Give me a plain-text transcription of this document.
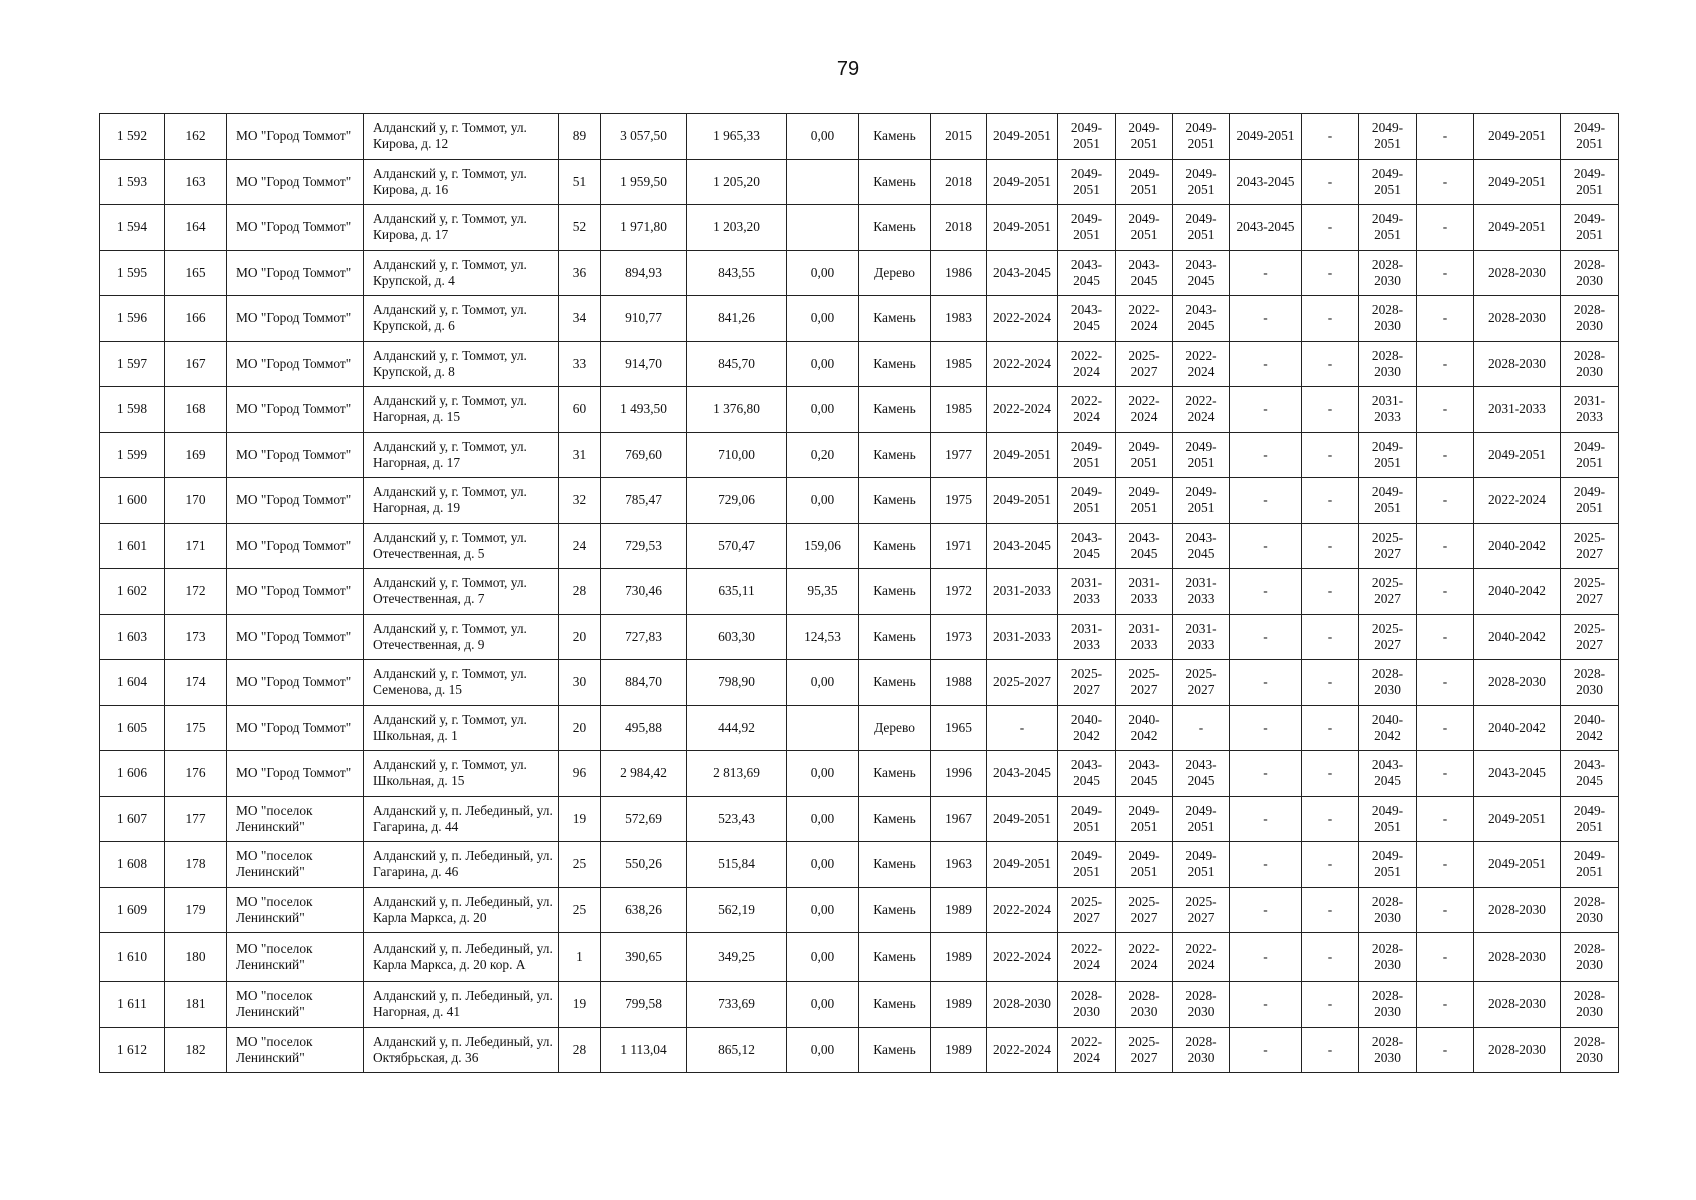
79
1 592	162	МО "Город Томмот"	Алданский у, г. Томмот, ул. Кирова, д. 12	89	3 057,50	1 965,33	0,00	Камень	2015	2049-2051	2049-2051	2049-2051	2049-2051	2049-2051	-	2049-2051	-	2049-2051	2049-2051
1 593	163	МО "Город Томмот"	Алданский у, г. Томмот, ул. Кирова, д. 16	51	1 959,50	1 205,20		Камень	2018	2049-2051	2049-2051	2049-2051	2049-2051	2043-2045	-	2049-2051	-	2049-2051	2049-2051
1 594	164	МО "Город Томмот"	Алданский у, г. Томмот, ул. Кирова, д. 17	52	1 971,80	1 203,20		Камень	2018	2049-2051	2049-2051	2049-2051	2049-2051	2043-2045	-	2049-2051	-	2049-2051	2049-2051
1 595	165	МО "Город Томмот"	Алданский у, г. Томмот, ул. Крупской, д. 4	36	894,93	843,55	0,00	Дерево	1986	2043-2045	2043-2045	2043-2045	2043-2045	-	-	2028-2030	-	2028-2030	2028-2030
1 596	166	МО "Город Томмот"	Алданский у, г. Томмот, ул. Крупской, д. 6	34	910,77	841,26	0,00	Камень	1983	2022-2024	2043-2045	2022-2024	2043-2045	-	-	2028-2030	-	2028-2030	2028-2030
1 597	167	МО "Город Томмот"	Алданский у, г. Томмот, ул. Крупской, д. 8	33	914,70	845,70	0,00	Камень	1985	2022-2024	2022-2024	2025-2027	2022-2024	-	-	2028-2030	-	2028-2030	2028-2030
1 598	168	МО "Город Томмот"	Алданский у, г. Томмот, ул. Нагорная, д. 15	60	1 493,50	1 376,80	0,00	Камень	1985	2022-2024	2022-2024	2022-2024	2022-2024	-	-	2031-2033	-	2031-2033	2031-2033
1 599	169	МО "Город Томмот"	Алданский у, г. Томмот, ул. Нагорная, д. 17	31	769,60	710,00	0,20	Камень	1977	2049-2051	2049-2051	2049-2051	2049-2051	-	-	2049-2051	-	2049-2051	2049-2051
1 600	170	МО "Город Томмот"	Алданский у, г. Томмот, ул. Нагорная, д. 19	32	785,47	729,06	0,00	Камень	1975	2049-2051	2049-2051	2049-2051	2049-2051	-	-	2049-2051	-	2022-2024	2049-2051
1 601	171	МО "Город Томмот"	Алданский у, г. Томмот, ул. Отечественная, д. 5	24	729,53	570,47	159,06	Камень	1971	2043-2045	2043-2045	2043-2045	2043-2045	-	-	2025-2027	-	2040-2042	2025-2027
1 602	172	МО "Город Томмот"	Алданский у, г. Томмот, ул. Отечественная, д. 7	28	730,46	635,11	95,35	Камень	1972	2031-2033	2031-2033	2031-2033	2031-2033	-	-	2025-2027	-	2040-2042	2025-2027
1 603	173	МО "Город Томмот"	Алданский у, г. Томмот, ул. Отечественная, д. 9	20	727,83	603,30	124,53	Камень	1973	2031-2033	2031-2033	2031-2033	2031-2033	-	-	2025-2027	-	2040-2042	2025-2027
1 604	174	МО "Город Томмот"	Алданский у, г. Томмот, ул. Семенова, д. 15	30	884,70	798,90	0,00	Камень	1988	2025-2027	2025-2027	2025-2027	2025-2027	-	-	2028-2030	-	2028-2030	2028-2030
1 605	175	МО "Город Томмот"	Алданский у, г. Томмот, ул. Школьная, д. 1	20	495,88	444,92		Дерево	1965	-	2040-2042	2040-2042	-	-	-	2040-2042	-	2040-2042	2040-2042
1 606	176	МО "Город Томмот"	Алданский у, г. Томмот, ул. Школьная, д. 15	96	2 984,42	2 813,69	0,00	Камень	1996	2043-2045	2043-2045	2043-2045	2043-2045	-	-	2043-2045	-	2043-2045	2043-2045
1 607	177	МО "поселок Ленинский"	Алданский у, п. Лебединый, ул. Гагарина, д. 44	19	572,69	523,43	0,00	Камень	1967	2049-2051	2049-2051	2049-2051	2049-2051	-	-	2049-2051	-	2049-2051	2049-2051
1 608	178	МО "поселок Ленинский"	Алданский у, п. Лебединый, ул. Гагарина, д. 46	25	550,26	515,84	0,00	Камень	1963	2049-2051	2049-2051	2049-2051	2049-2051	-	-	2049-2051	-	2049-2051	2049-2051
1 609	179	МО "поселок Ленинский"	Алданский у, п. Лебединый, ул. Карла Маркса, д. 20	25	638,26	562,19	0,00	Камень	1989	2022-2024	2025-2027	2025-2027	2025-2027	-	-	2028-2030	-	2028-2030	2028-2030
1 610	180	МО "поселок Ленинский"	Алданский у, п. Лебединый, ул. Карла Маркса, д. 20 кор. А	1	390,65	349,25	0,00	Камень	1989	2022-2024	2022-2024	2022-2024	2022-2024	-	-	2028-2030	-	2028-2030	2028-2030
1 611	181	МО "поселок Ленинский"	Алданский у, п. Лебединый, ул. Нагорная, д. 41	19	799,58	733,69	0,00	Камень	1989	2028-2030	2028-2030	2028-2030	2028-2030	-	-	2028-2030	-	2028-2030	2028-2030
1 612	182	МО "поселок Ленинский"	Алданский у, п. Лебединый, ул. Октябрьская, д. 36	28	1 113,04	865,12	0,00	Камень	1989	2022-2024	2022-2024	2025-2027	2028-2030	-	-	2028-2030	-	2028-2030	2028-2030
